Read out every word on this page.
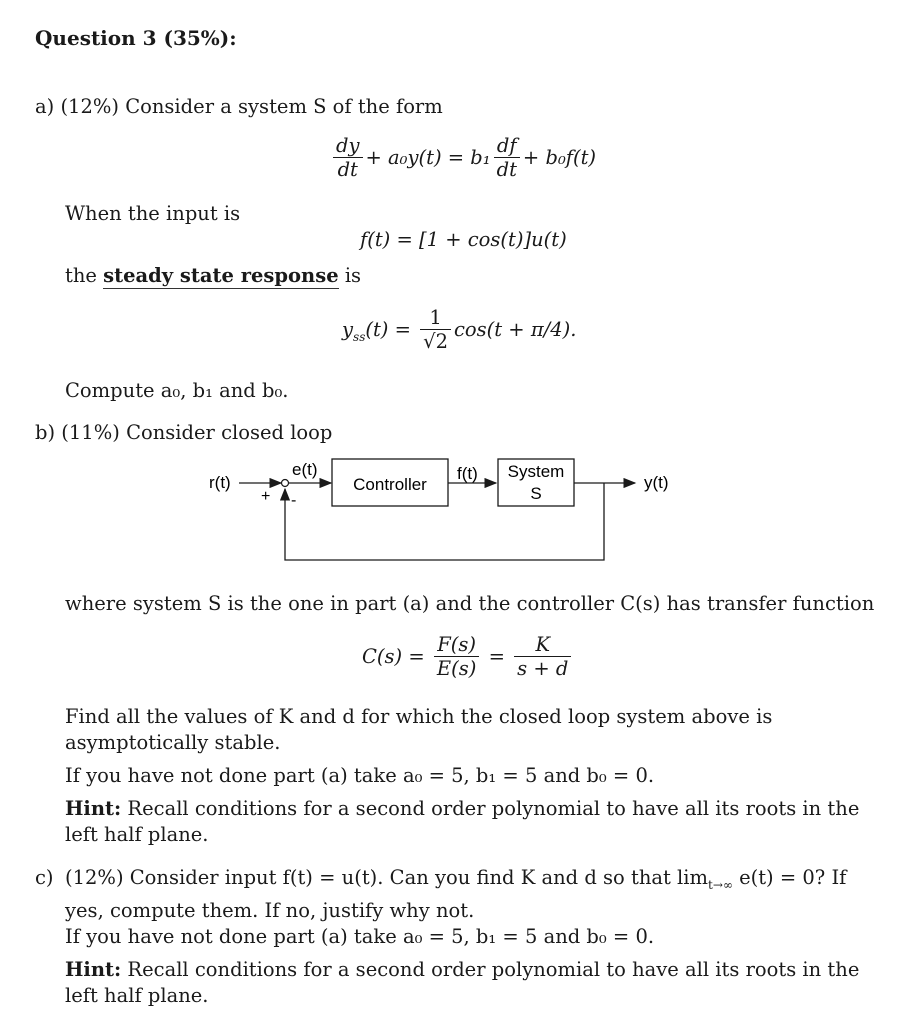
Question 3 (35%):
a) (12%) Consider a system S of the form
$\frac{dy}{dt} + a_0y(t) = b_1 \frac{df}{dt} + b_0f(t)$
When the input is
f(t) = [1 + cos(t)]u(t)
the steady state response is
$y_{ss}(t) = \frac{1}{√2} \cos(t + \pi/4)$.
Compute a₀, b₁ and b₀.
b) (11%) Consider closed loop
r(t)
+ -
e(t)
Controller
f(t) System
S
y(t)
where system S is the one in part (a) and the controller C(s) has transfer function
$C(s) = \frac{F(s)}{E(s)} = \frac{K}{s + d}$
Find all the values of K and d for which the closed loop system above is asymptotically stable.
If you have not done part (a) take a₀ = 5, b₁ = 5 and b₀ = 0.
Hint: Recall conditions for a second order polynomial to have all its roots in the left half plane.
c) (12%) Consider input f(t) = u(t). Can you find K and d so that $\lim_{t\to\infty} e(t) = 0$? If yes, compute them. If no, justify why not.
If you have not done part (a) take a₀ = 5, b₁ = 5 and b₀ = 0.
Hint: Recall conditions for a second order polynomial to have all its roots in the left half plane.
